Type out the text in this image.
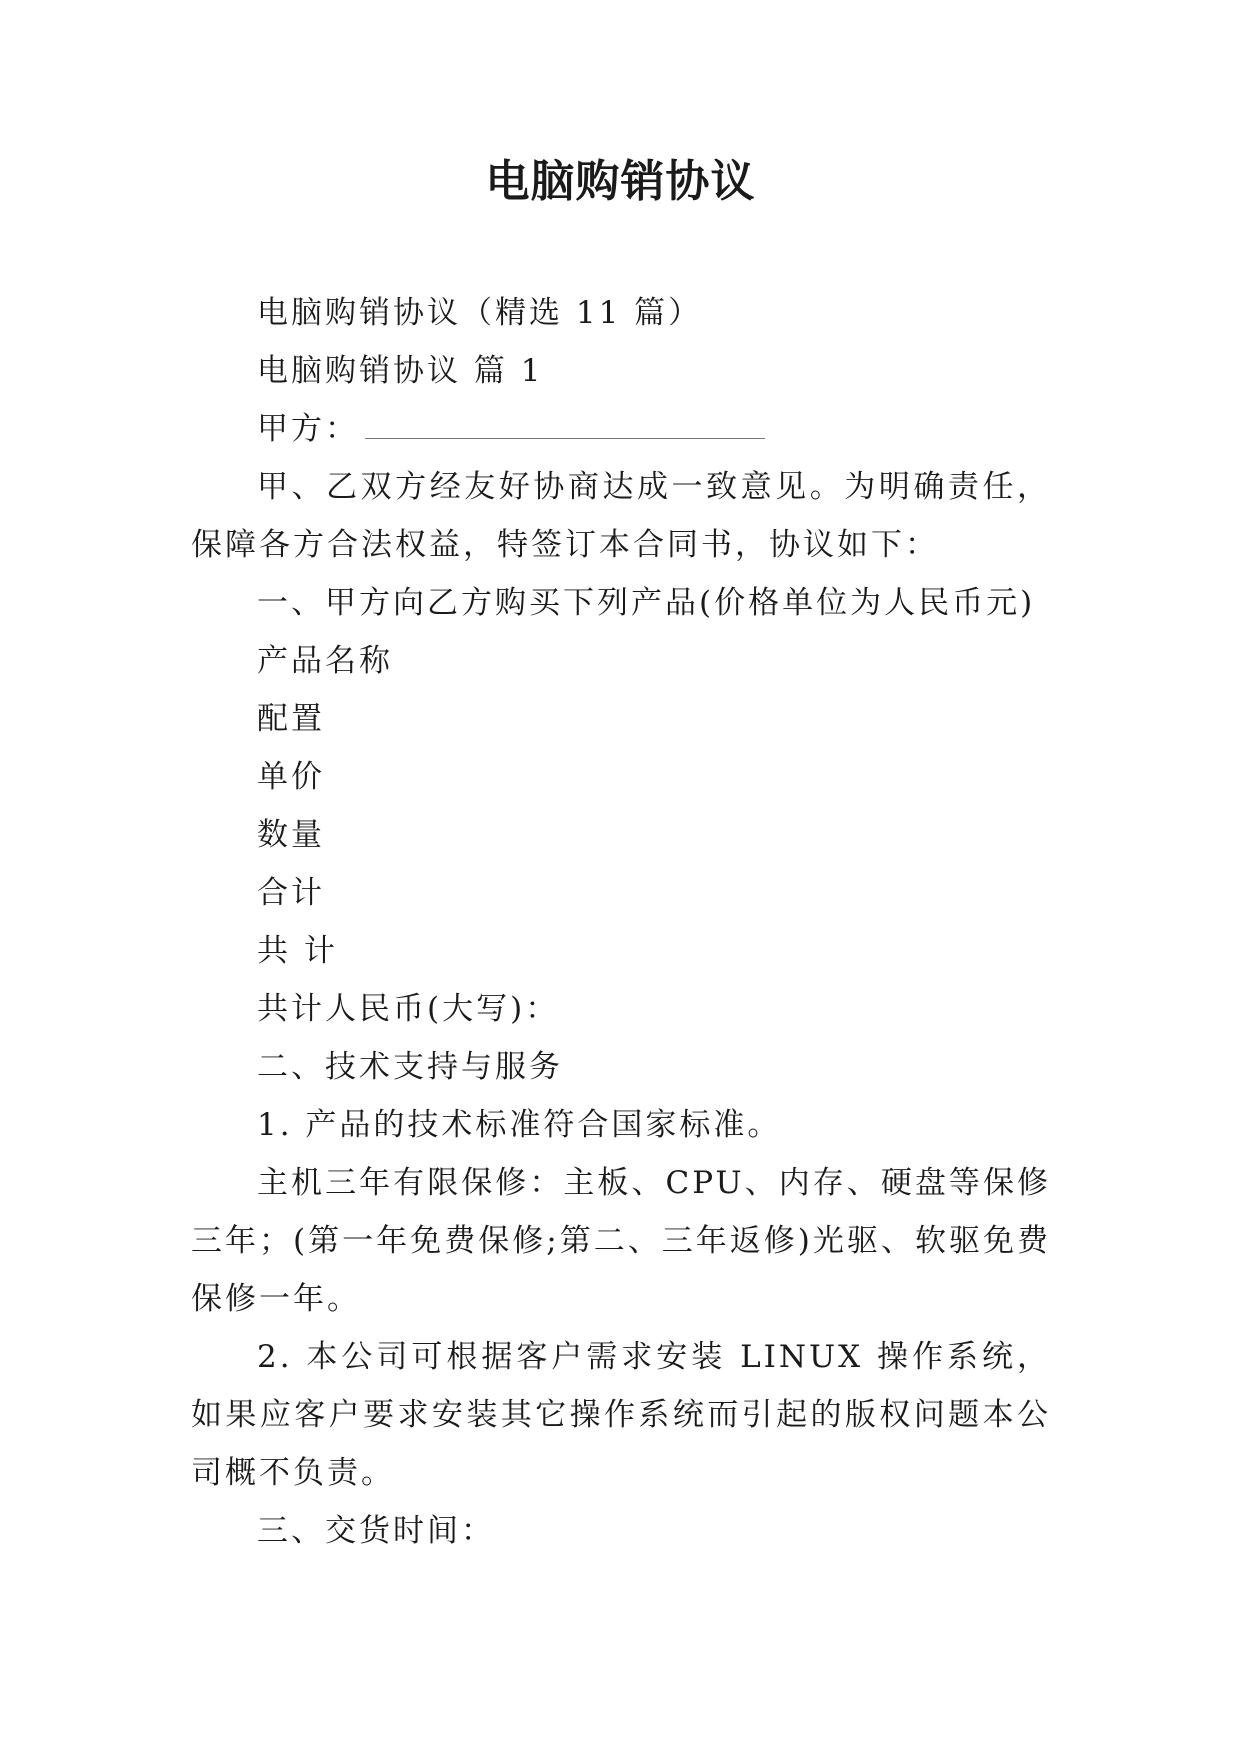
电脑购销协议

电脑购销协议（精选 11 篇）

电脑购销协议 篇 1

甲方：

甲、乙双方经友好协商达成一致意见。为明确责任，保障各方合法权益，特签订本合同书，协议如下：

一、甲方向乙方购买下列产品(价格单位为人民币元)

产品名称

配置

单价

数量

合计

共 计

共计人民币(大写)：

二、技术支持与服务

1. 产品的技术标准符合国家标准。

主机三年有限保修：主板、CPU、内存、硬盘等保修三年；(第一年免费保修;第二、三年返修)光驱、软驱免费保修一年。

2. 本公司可根据客户需求安装 LINUX 操作系统，如果应客户要求安装其它操作系统而引起的版权问题本公司概不负责。

三、交货时间：
